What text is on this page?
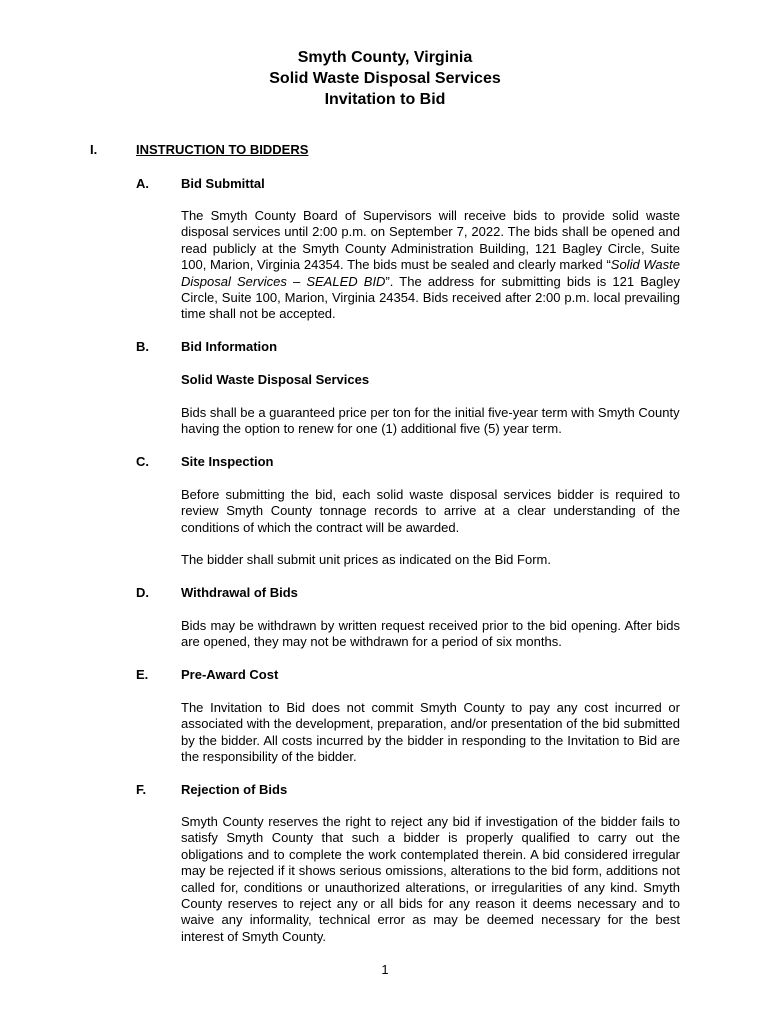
Smyth County, Virginia
Solid Waste Disposal Services
Invitation to Bid
I.	INSTRUCTION TO BIDDERS
A. Bid Submittal
The Smyth County Board of Supervisors will receive bids to provide solid waste disposal services until 2:00 p.m. on September 7, 2022. The bids shall be opened and read publicly at the Smyth County Administration Building, 121 Bagley Circle, Suite 100, Marion, Virginia 24354. The bids must be sealed and clearly marked “Solid Waste Disposal Services – SEALED BID”. The address for submitting bids is 121 Bagley Circle, Suite 100, Marion, Virginia 24354. Bids received after 2:00 p.m. local prevailing time shall not be accepted.
B. Bid Information
Solid Waste Disposal Services
Bids shall be a guaranteed price per ton for the initial five-year term with Smyth County having the option to renew for one (1) additional five (5) year term.
C. Site Inspection
Before submitting the bid, each solid waste disposal services bidder is required to review Smyth County tonnage records to arrive at a clear understanding of the conditions of which the contract will be awarded.
The bidder shall submit unit prices as indicated on the Bid Form.
D. Withdrawal of Bids
Bids may be withdrawn by written request received prior to the bid opening. After bids are opened, they may not be withdrawn for a period of six months.
E.	Pre-Award Cost
The Invitation to Bid does not commit Smyth County to pay any cost incurred or associated with the development, preparation, and/or presentation of the bid submitted by the bidder. All costs incurred by the bidder in responding to the Invitation to Bid are the responsibility of the bidder.
F.	Rejection of Bids
Smyth County reserves the right to reject any bid if investigation of the bidder fails to satisfy Smyth County that such a bidder is properly qualified to carry out the obligations and to complete the work contemplated therein. A bid considered irregular may be rejected if it shows serious omissions, alterations to the bid form, additions not called for, conditions or unauthorized alterations, or irregularities of any kind. Smyth County reserves to reject any or all bids for any reason it deems necessary and to waive any informality, technical error as may be deemed necessary for the best interest of Smyth County.
1
